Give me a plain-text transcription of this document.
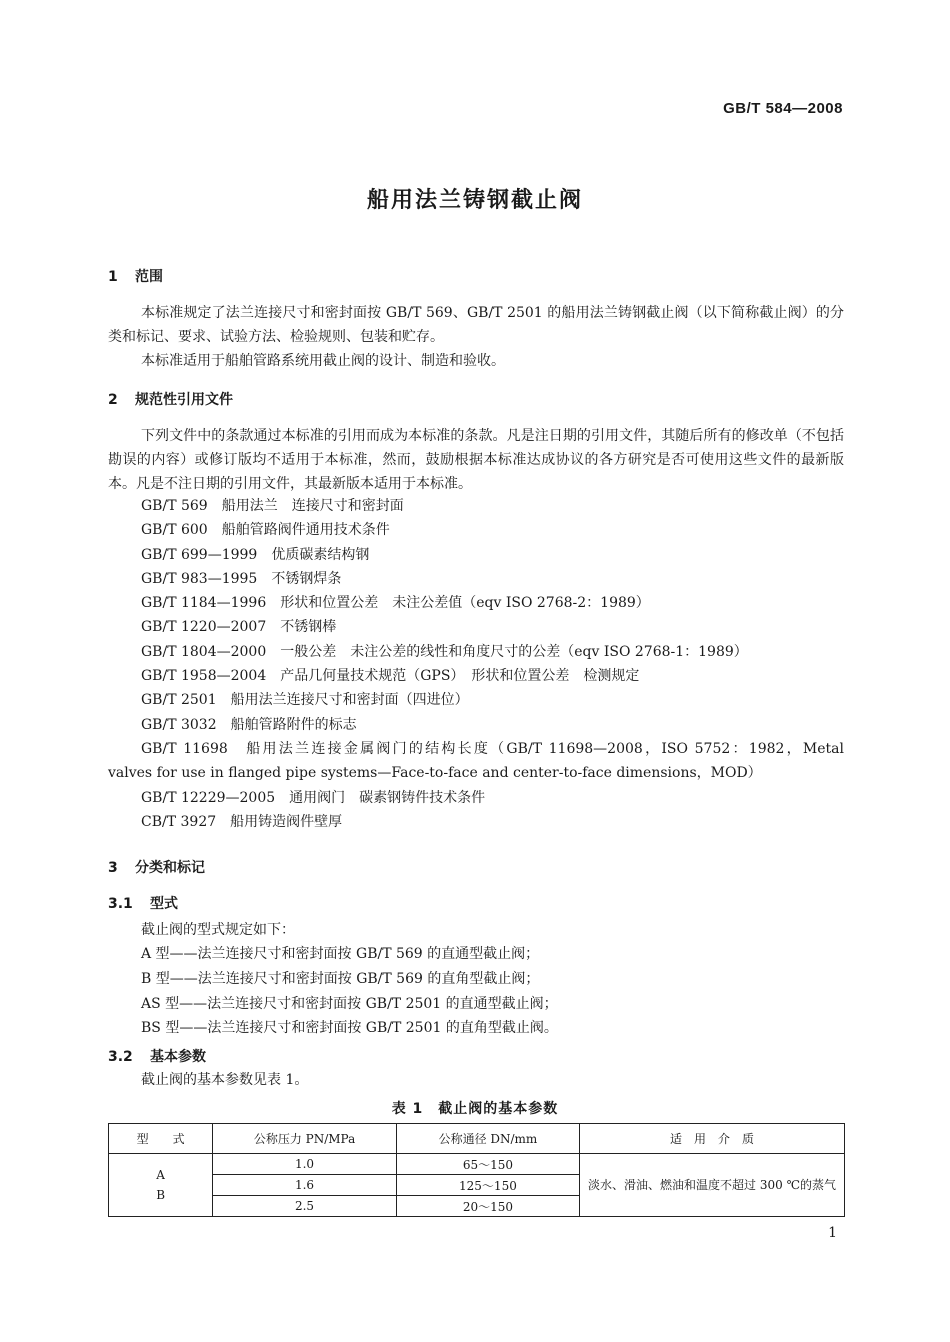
GB/T 584—2008
船用法兰铸钢截止阀
1 范围
本标准规定了法兰连接尺寸和密封面按 GB/T 569、GB/T 2501 的船用法兰铸钢截止阀（以下简称截止阀）的分类和标记、要求、试验方法、检验规则、包装和贮存。
本标准适用于船舶管路系统用截止阀的设计、制造和验收。
2 规范性引用文件
下列文件中的条款通过本标准的引用而成为本标准的条款。凡是注日期的引用文件，其随后所有的修改单（不包括勘误的内容）或修订版均不适用于本标准，然而，鼓励根据本标准达成协议的各方研究是否可使用这些文件的最新版本。凡是不注日期的引用文件，其最新版本适用于本标准。
GB/T 569　船用法兰　连接尺寸和密封面
GB/T 600　船舶管路阀件通用技术条件
GB/T 699—1999　优质碳素结构钢
GB/T 983—1995　不锈钢焊条
GB/T 1184—1996　形状和位置公差　未注公差值（eqv ISO 2768-2：1989）
GB/T 1220—2007　不锈钢棒
GB/T 1804—2000　一般公差　未注公差的线性和角度尺寸的公差（eqv ISO 2768-1：1989）
GB/T 1958—2004　产品几何量技术规范（GPS）　形状和位置公差　检测规定
GB/T 2501　船用法兰连接尺寸和密封面（四进位）
GB/T 3032　船舶管路附件的标志
GB/T 11698　船用法兰连接金属阀门的结构长度（GB/T 11698—2008，ISO 5752：1982，Metal
valves for use in flanged pipe systems—Face-to-face and center-to-face dimensions，MOD）
GB/T 12229—2005　通用阀门　碳素钢铸件技术条件
CB/T 3927　船用铸造阀件壁厚
3 分类和标记
3.1 型式
截止阀的型式规定如下：
A 型——法兰连接尺寸和密封面按 GB/T 569 的直通型截止阀；
B 型——法兰连接尺寸和密封面按 GB/T 569 的直角型截止阀；
AS 型——法兰连接尺寸和密封面按 GB/T 2501 的直通型截止阀；
BS 型——法兰连接尺寸和密封面按 GB/T 2501 的直角型截止阀。
3.2 基本参数
截止阀的基本参数见表 1。
表 1　截止阀的基本参数
型　　式	公称压力 PN/MPa	公称通径 DN/mm	适　用　介　质

A
B	1.0	65～150	淡水、滑油、燃油和温度不超过 300 ℃的蒸气
	1.6	125～150	
	2.5	20～150	
1
